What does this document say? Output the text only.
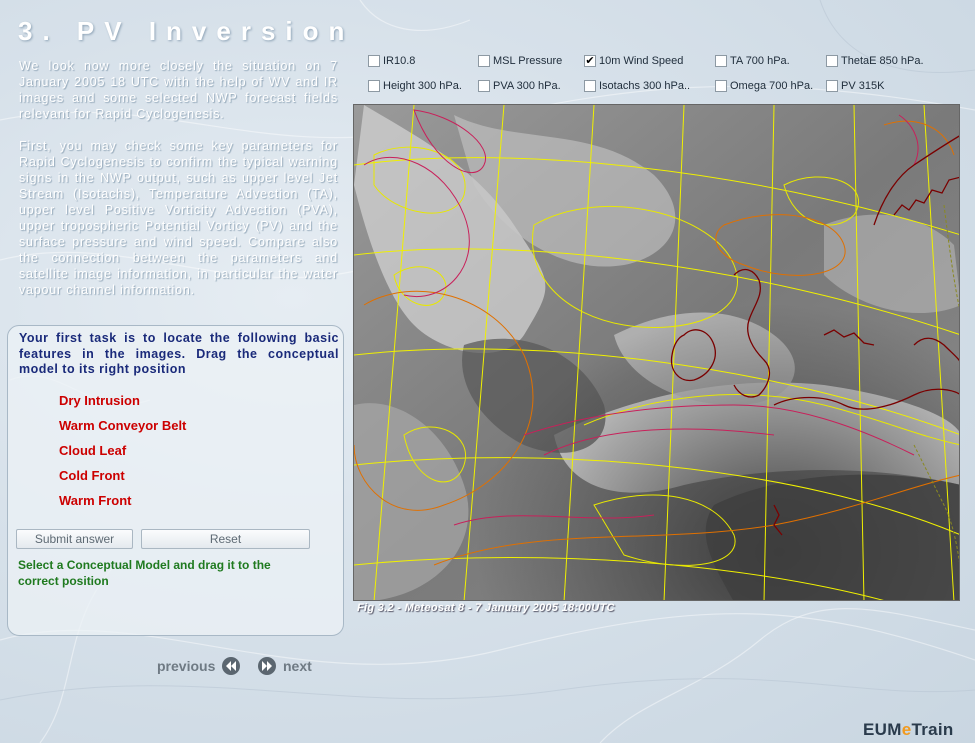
3. PV Inversion

We look now more closely the situation on 7 January 2005 18 UTC with the help of WV and IR images and some selected NWP forecast fields relevant for Rapid Cyclogenesis.

First, you may check some key parameters for Rapid Cyclogenesis to confirm the typical warning signs in the NWP output, such as upper level Jet Stream (Isotachs), Temperature Advection (TA), upper level Positive Vorticity Advection (PVA), upper tropospheric Potential Vorticy (PV) and the surface pressure and wind speed. Compare also the connection between the parameters and satellite image information, in particular the water vapour channel information.

Your first task is to locate the following basic features in the images. Drag the conceptual model to its right position

Dry Intrusion
Warm Conveyor Belt
Cloud Leaf
Cold Front
Warm Front
Submit answer	Reset

Select a Conceptual Model and drag it to the correct position

previous	next
IR10.8	MSL Pressure ✔ 10m Wind Speed	TA 700 hPa.	ThetaE 850 hPa.
Height 300 hPa.	PVA 300 hPa.	Isotachs 300 hPa..	Omega 700 hPa.	PV 315K

Fig 3.2 - Meteosat 8 - 7 January 2005 18:00UTC

EUMeTrain
